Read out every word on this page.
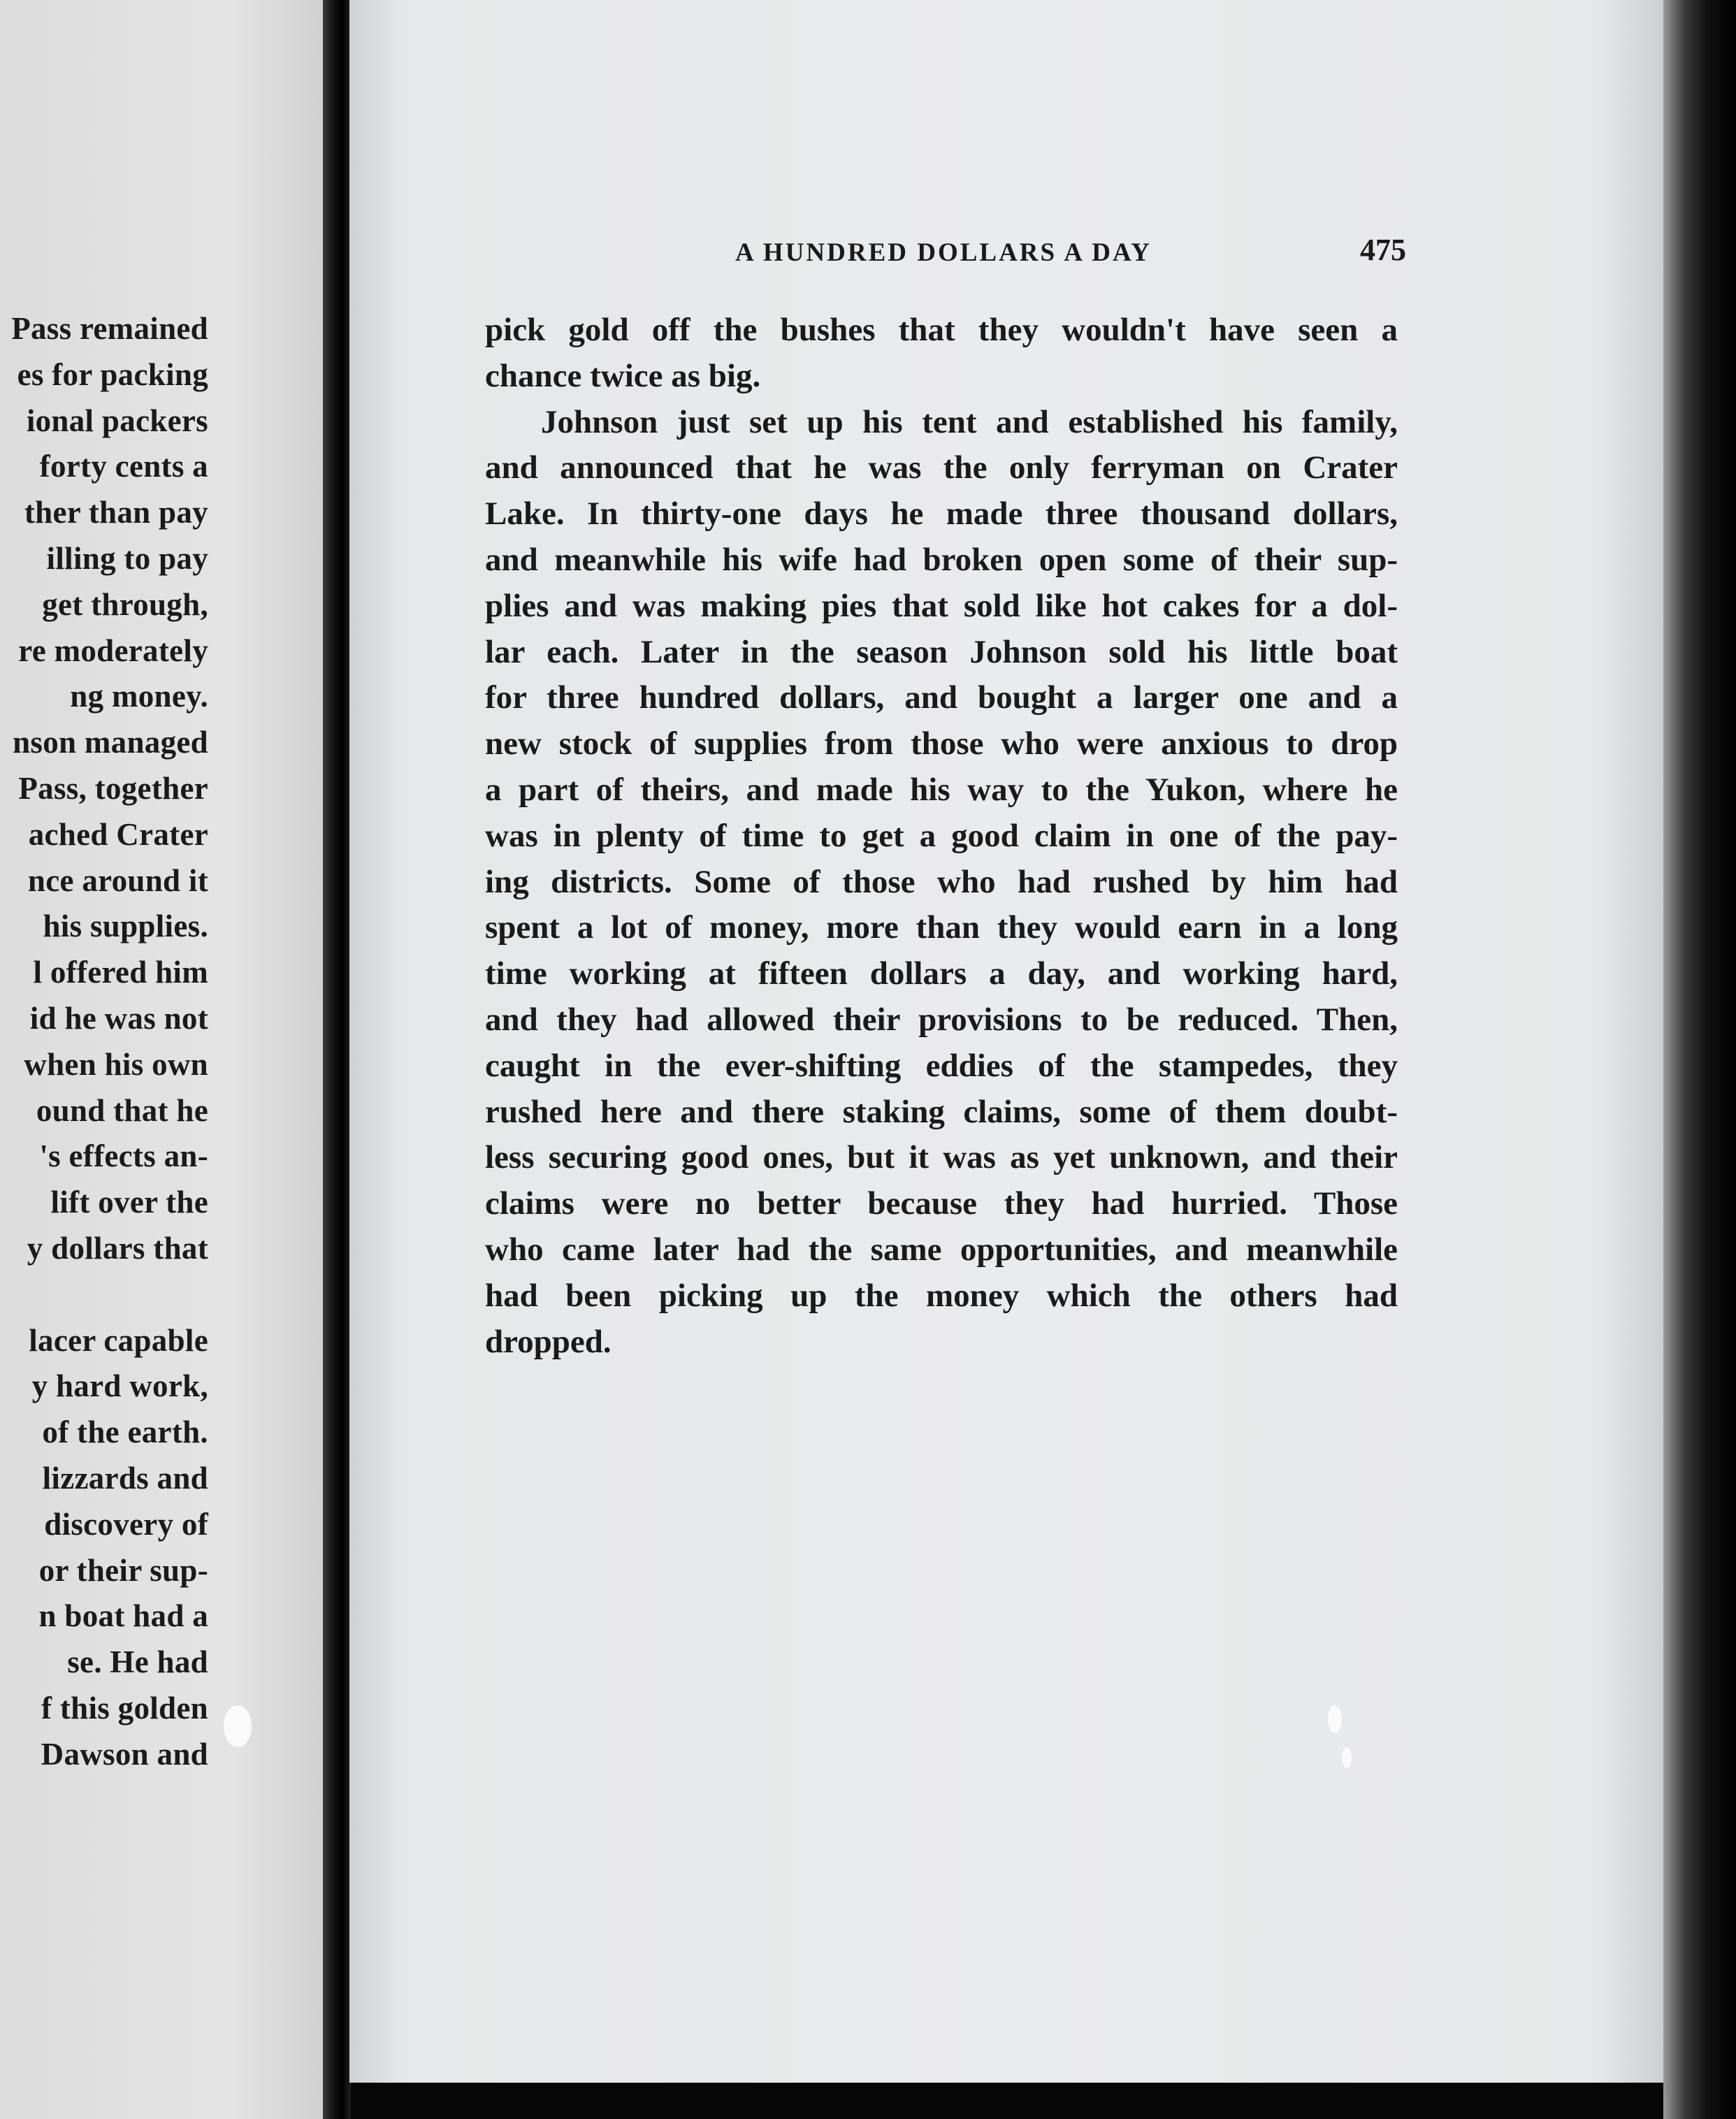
Pass remained
es for packing
ional packers
forty cents a
ther than pay
illing to pay
get through,
re moderately
ng money.
nson managed
Pass, together
ached Crater
nce around it
his supplies.
l offered him
id he was not
when his own
ound that he
's effects an-
lift over the
y dollars that
lacer capable
y hard work,
of the earth.
lizzards and
discovery of
or their sup-
n boat had a
se. He had
f this golden
Dawson and
A HUNDRED DOLLARS A DAY	475
pick gold off the bushes that they wouldn't have seen a
chance twice as big.
Johnson just set up his tent and established his family,
and announced that he was the only ferryman on Crater
Lake. In thirty-one days he made three thousand dollars,
and meanwhile his wife had broken open some of their sup-
plies and was making pies that sold like hot cakes for a dol-
lar each. Later in the season Johnson sold his little boat
for three hundred dollars, and bought a larger one and a
new stock of supplies from those who were anxious to drop
a part of theirs, and made his way to the Yukon, where he
was in plenty of time to get a good claim in one of the pay-
ing districts. Some of those who had rushed by him had
spent a lot of money, more than they would earn in a long
time working at fifteen dollars a day, and working hard,
and they had allowed their provisions to be reduced. Then,
caught in the ever-shifting eddies of the stampedes, they
rushed here and there staking claims, some of them doubt-
less securing good ones, but it was as yet unknown, and their
claims were no better because they had hurried. Those
who came later had the same opportunities, and meanwhile
had been picking up the money which the others had
dropped.
